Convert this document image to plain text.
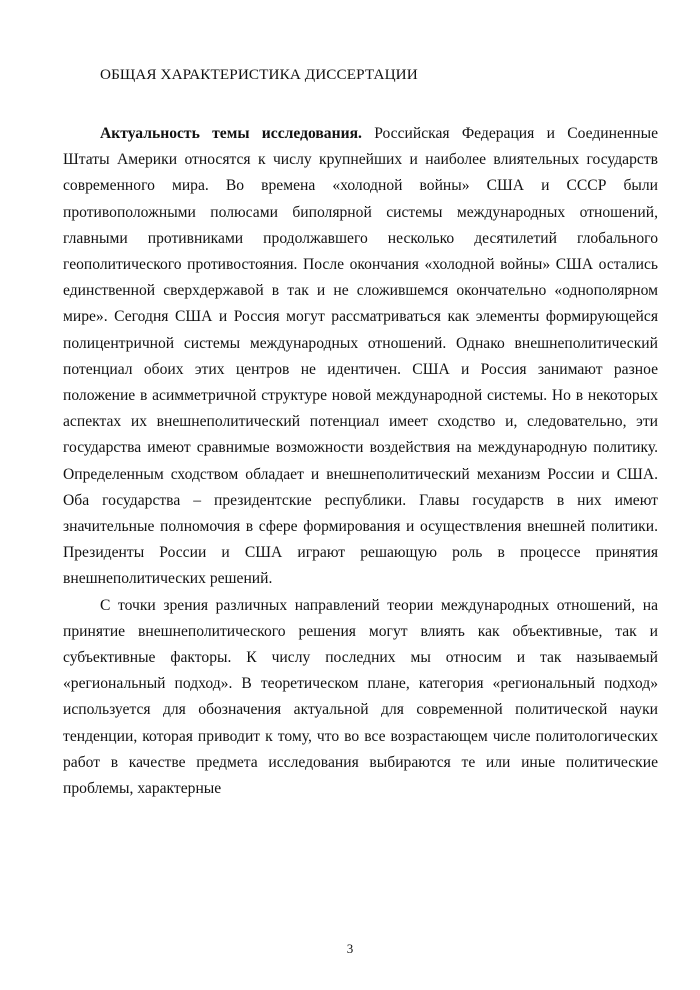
ОБЩАЯ ХАРАКТЕРИСТИКА ДИССЕРТАЦИИ

Актуальность темы исследования. Российская Федерация и Соединенные Штаты Америки относятся к числу крупнейших и наиболее влиятельных государств современного мира. Во времена «холодной войны» США и СССР были противоположными полюсами биполярной системы международных отношений, главными противниками продолжавшего несколько десятилетий глобального геополитического противостояния. После окончания «холодной войны» США остались единственной сверхдержавой в так и не сложившемся окончательно «однополярном мире». Сегодня США и Россия могут рассматриваться как элементы формирующейся полицентричной системы международных отношений. Однако внешнеполитический потенциал обоих этих центров не идентичен. США и Россия занимают разное положение в асимметричной структуре новой международной системы. Но в некоторых аспектах их внешнеполитический потенциал имеет сходство и, следовательно, эти государства имеют сравнимые возможности воздействия на международную политику. Определенным сходством обладает и внешнеполитический механизм России и США. Оба государства – президентские республики. Главы государств в них имеют значительные полномочия в сфере формирования и осуществления внешней политики. Президенты России и США играют решающую роль в процессе принятия внешнеполитических решений.

С точки зрения различных направлений теории международных отношений, на принятие внешнеполитического решения могут влиять как объективные, так и субъективные факторы. К числу последних мы относим и так называемый «региональный подход». В теоретическом плане, категория «региональный подход» используется для обозначения актуальной для современной политической науки тенденции, которая приводит к тому, что во все возрастающем числе политологических работ в качестве предмета исследования выбираются те или иные политические проблемы, характерные

3
